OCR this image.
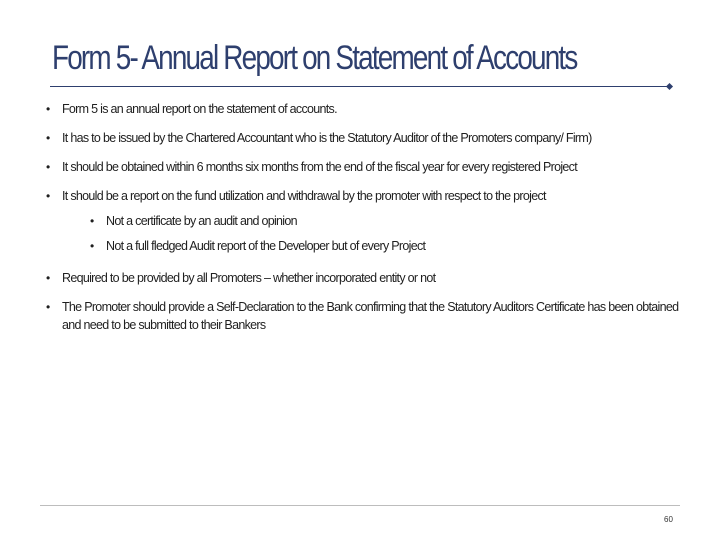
Form 5- Annual Report on Statement of Accounts
• Form 5 is an annual report on the statement of accounts.
• It has to be issued by the Chartered Accountant who is the Statutory Auditor of the Promoters company/ Firm)
• It should be obtained within 6 months six months from the end of the fiscal year for every registered Project
• It should be a report on the fund utilization and withdrawal by the promoter with respect to the project
• Not a certificate by an audit and opinion
• Not a full fledged Audit report of the Developer but of every Project
• Required to be provided by all Promoters – whether incorporated entity or not
• The Promoter should provide a Self-Declaration to the Bank confirming that the Statutory Auditors Certificate has been obtained and need to be submitted to their Bankers
60
